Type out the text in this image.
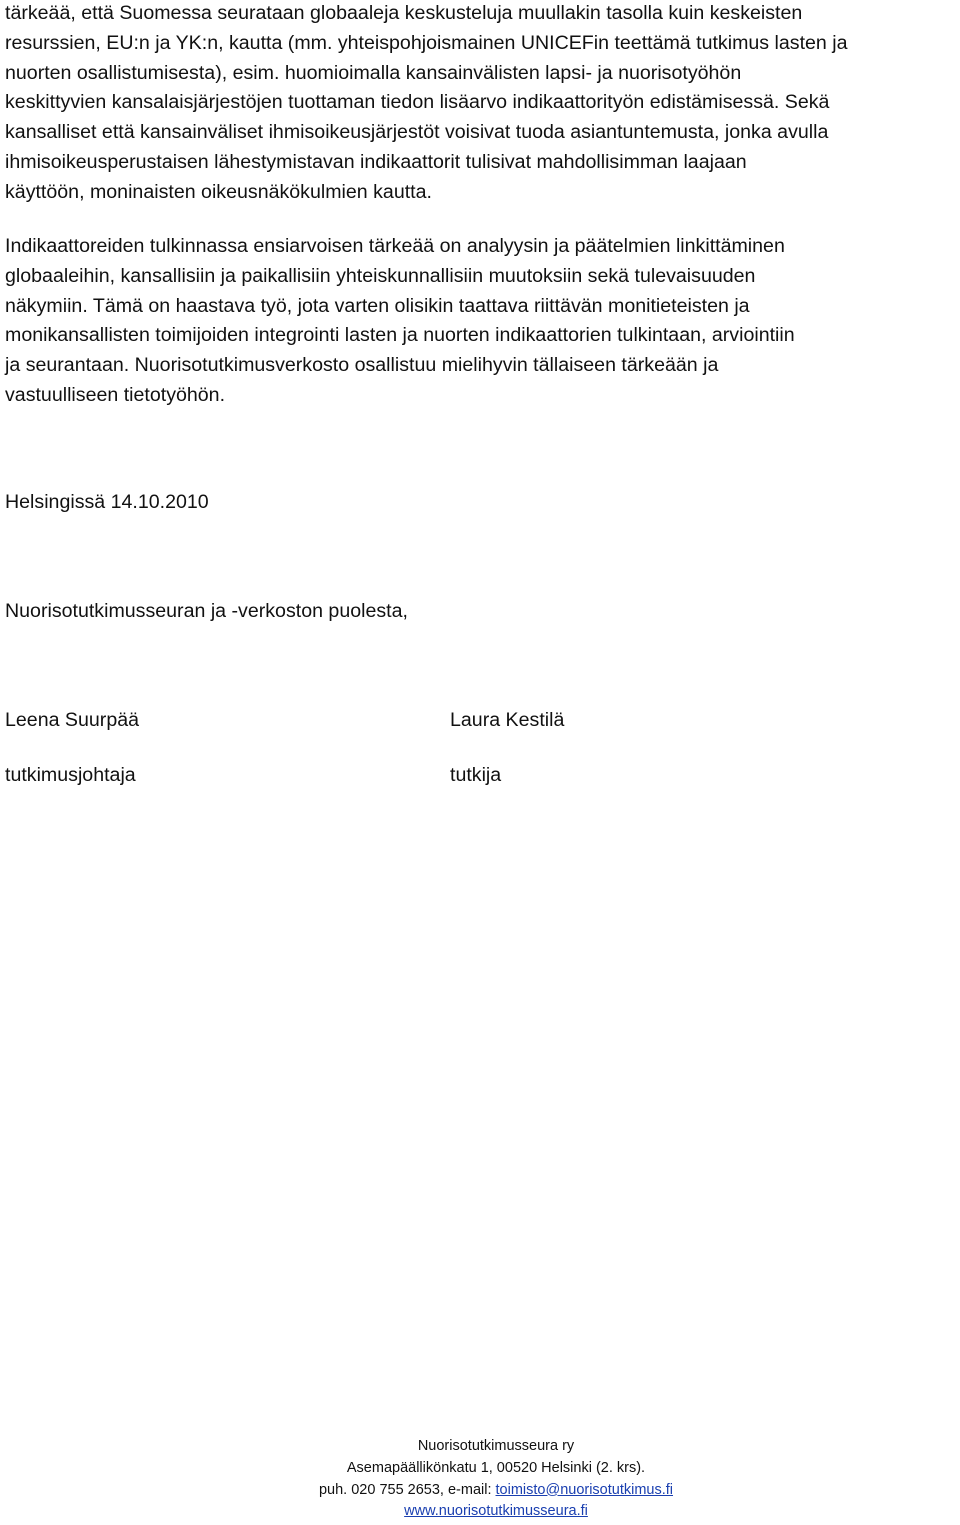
tärkeää, että Suomessa seurataan globaaleja keskusteluja muullakin tasolla kuin keskeisten
resurssien, EU:n ja YK:n, kautta (mm. yhteispohjoismainen UNICEFin teettämä tutkimus lasten ja
nuorten osallistumisesta), esim. huomioimalla kansainvälisten lapsi- ja nuorisotyöhön
keskittyvien kansalaisjärjestöjen tuottaman tiedon lisäarvo indikaattorityön edistämisessä. Sekä
kansalliset että kansainväliset ihmisoikeusjärjestöt voisivat tuoda asiantuntemusta, jonka avulla
ihmisoikeusperustaisen lähestymistavan indikaattorit tulisivat mahdollisimman laajaan
käyttöön, moninaisten oikeusnäkökulmien kautta.

Indikaattoreiden tulkinnassa ensiarvoisen tärkeää on analyysin ja päätelmien linkittäminen
globaaleihin, kansallisiin ja paikallisiin yhteiskunnallisiin muutoksiin sekä tulevaisuuden
näkymiin. Tämä on haastava työ, jota varten olisikin taattava riittävän monitieteisten ja
monikansallisten toimijoiden integrointi lasten ja nuorten indikaattorien tulkintaan, arviointiin
ja seurantaan. Nuorisotutkimusverkosto osallistuu mielihyvin tällaiseen tärkeään ja
vastuulliseen tietotyöhön.

Helsingissä 14.10.2010

Nuorisotutkimusseuran ja -verkoston puolesta,

Leena Suurpää

tutkimusjohtaja

Laura Kestilä

tutkija

Nuorisotutkimusseura ry
Asemapäällikönkatu 1, 00520 Helsinki (2. krs).
puh. 020 755 2653, e-mail: toimisto@nuorisotutkimus.fi
www.nuorisotutkimusseura.fi
